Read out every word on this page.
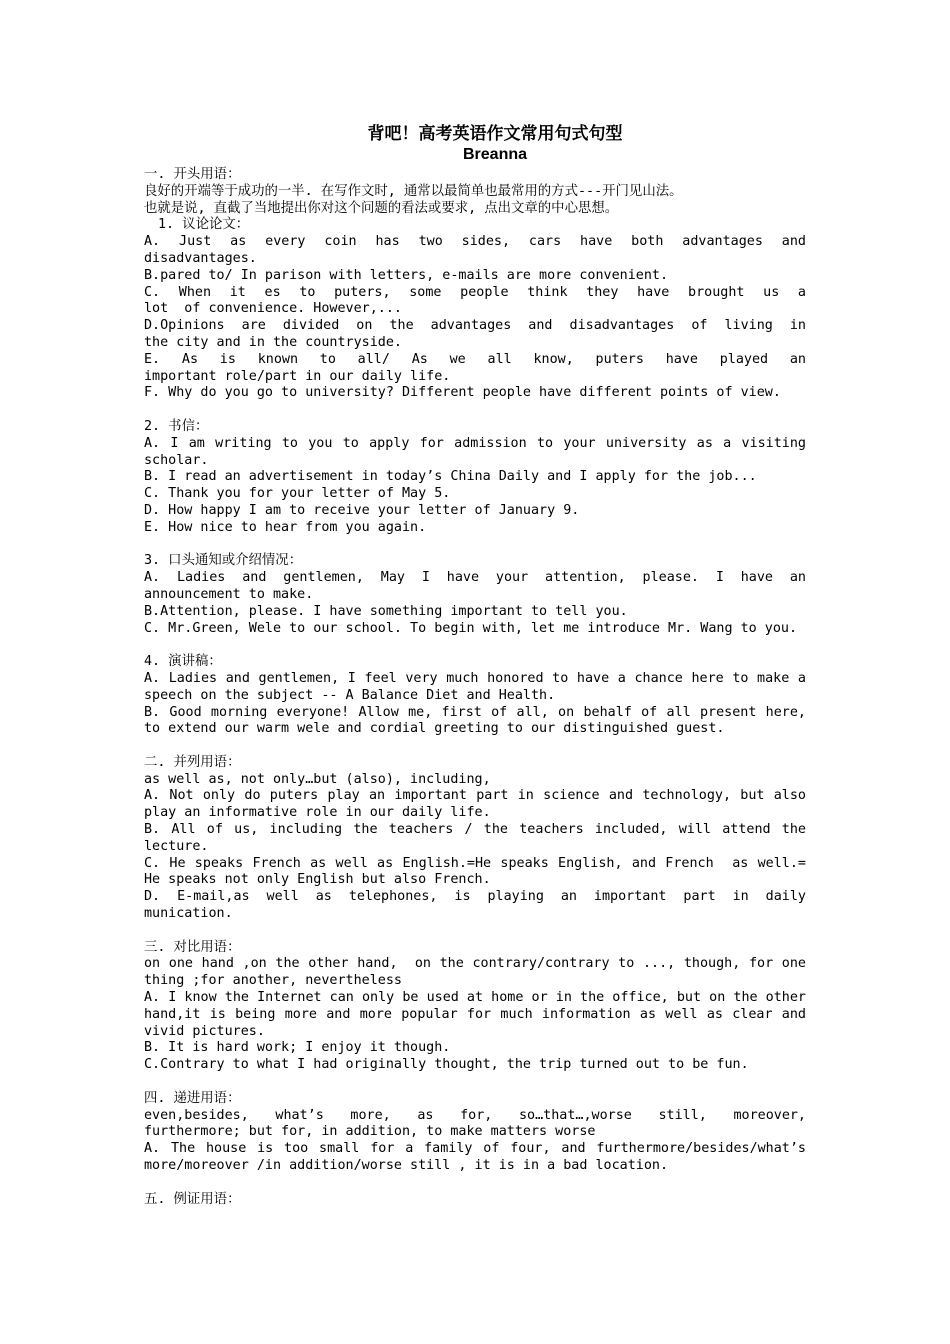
背吧！高考英语作文常用句式句型
Breanna
一. 开头用语：
良好的开端等于成功的一半. 在写作文时, 通常以最简单也最常用的方式---开门见山法。
也就是说, 直截了当地提出你对这个问题的看法或要求, 点出文章的中心思想。
1. 议论论文：
A.  Just  as  every  coin  has  two  sides,  cars  have  both  advantages  and disadvantages.
B.pared to/ In parison with letters, e-mails are more convenient.
C.  When  it  es  to  puters,  some  people  think  they  have  brought  us  a  lot  of convenience. However,...
D.Opinions  are  divided  on  the  advantages  and  disadvantages  of  living  in  the city and in the countryside.
E.  As  is  known  to  all/  As  we  all  know,  puters  have  played  an  important role/part in our daily life.
F. Why do you go to university? Different people have different points of view.
2. 书信：
A. I am writing to you to apply for admission to your university as a visiting scholar.
B. I read an advertisement in today’s China Daily and I apply for the job...
C. Thank you for your letter of May 5.
D. How happy I am to receive your letter of January 9.
E. How nice to hear from you again.
3. 口头通知或介绍情况：
A.  Ladies  and  gentlemen,  May  I  have  your  attention,  please.  I  have  an announcement to make.
B.Attention, please. I have something important to tell you.
C. Mr.Green, Wele to our school. To begin with, let me introduce Mr. Wang to you.
4. 演讲稿：
A. Ladies and gentlemen, I feel very much honored to have a chance here to make a speech on the subject -- A Balance Diet and Health.
B. Good morning everyone! Allow me, first of all, on behalf of all present here, to extend our warm wele and cordial greeting to our distinguished guest.
二. 并列用语：
as well as, not only…but (also), including,
A. Not only do puters play an important part in science and technology, but also play an informative role in our daily life.
B. All of us, including the teachers / the teachers included, will attend the lecture.
C. He speaks French as well as English.=He speaks English, and French  as well.= He speaks not only English but also French.
D.  E-mail,as  well  as  telephones,  is  playing  an  important  part  in  daily munication.
三. 对比用语：
on one hand ,on the other hand,  on the contrary/contrary to ..., though, for one thing ;for another, nevertheless
A. I know the Internet can only be used at home or in the office, but on the other hand,it is being more and more popular for much information as well as clear and vivid pictures.
B. It is hard work; I enjoy it though.
C.Contrary to what I had originally thought, the trip turned out to be fun.
四. 递进用语：
even,besides,  what’s  more,  as  for,  so…that…,worse  still,  moreover, furthermore; but for, in addition, to make matters worse
A. The house is too small for a family of four, and furthermore/besides/what’s more/moreover /in addition/worse still , it is in a bad location.
五. 例证用语：
